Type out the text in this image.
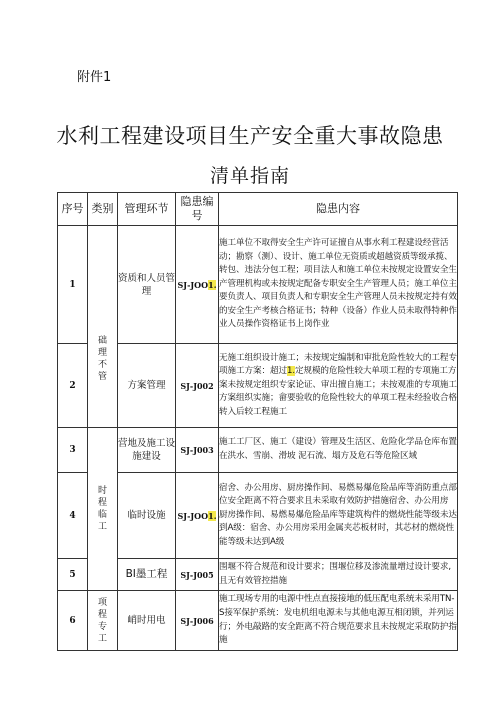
附件1
水利工程建设项目生产安全重大事故隐患
清单指南
序号	类别	管理环节	隐患编号	隐患内容
1	础理不管	资质和人员管理	SJ-JOO1.	施工单位不取得安全生产许可证擅自从事水利工程建设经营活动；勘察（测）、设计、施工单位无资质或超越资质等级承揽、转包、违法分包工程；项目法人和施工单位未按规定设置安全生产管理机构或未按规定配备专职安全生产管理人员；施工单位主要负责人、项目负责人和专职安全生产管理人员未按规定持有效的安全生产考核合格证书；特种（设备）作业人员未取得特种作业人员操作资格证书上岗作业
2		方案管理	SJ-J002	无施工组织设计施工；未按规定编制和审批危险性较大的工程专项施工方案：超过1.定规模的危险性较大单项工程的专项施工方案未按规定组织专家论证、审出擅自施工；未按观准的专项施工方案组织实施；畲要验收的危险性较大的单项工程未经验收合格转入后较工程施工
3	时程临工	营地及施工设施建设	SJ-J003	施工工厂区、施工（建设）管理及生活区、危险化学品仓库布置在洪水、雪崩、滑坡 泥石流、塌方及危石等危险区域
4		临时设施	SJ-JOO1.	宿舍、办公用房、厨房操作间、易燃易爆危险品库等消防重点部位安全距离不符合要求且未采取有效防护措施宿舍、办公用房 厨房操作间、易燃易爆危险品库等建筑构件的燃烧性能等级未达到A级：宿舍、办公用房采用金属夹芯板材时，其芯材的燃烧性能等级未达到A级
5		BI墨工程	SJ-J005	围堰不符合规范和设计要求；围堰位移及渗流量增过设计要求,且无有效管控措施
6	项程专工	峭时用电	SJ-J006	施工现场专用的电源中性点直接接地的低压配电系统未采用TN-S接军保护系统：发电机组电源未与其他电源互相闭锁，并列运行；外电敲路的安全距离不符合规范要求且未按规定采取防护指施
